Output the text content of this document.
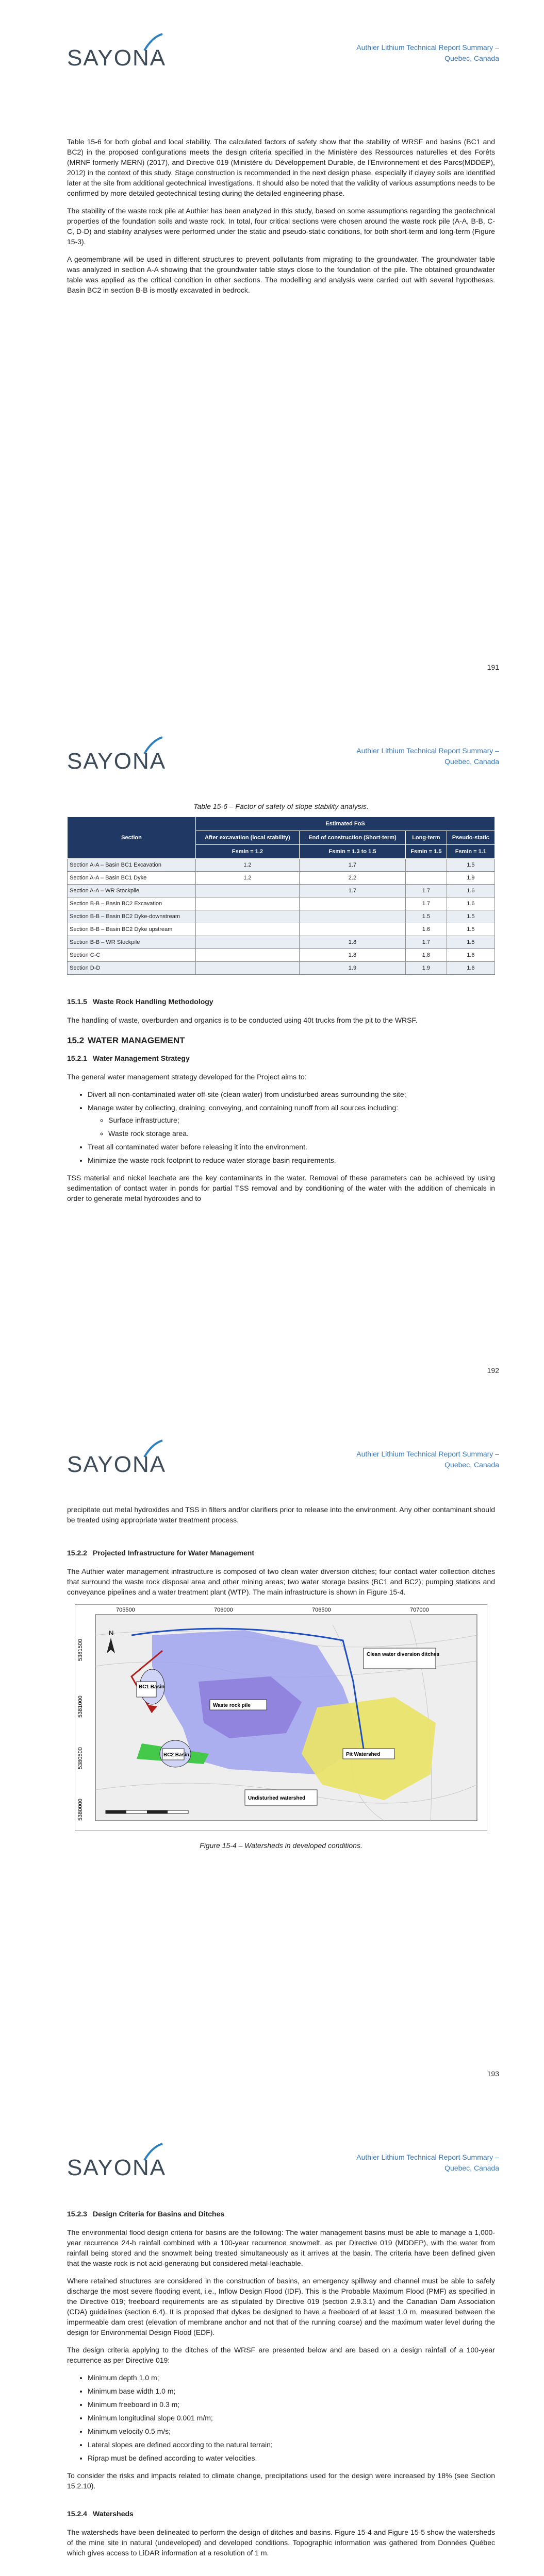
SAYONA	Authier Lithium Technical Report Summary –
Quebec, Canada

Table 15-6 for both global and local stability. The calculated factors of safety show that the stability of WRSF and basins (BC1 and BC2) in the proposed configurations meets the design criteria specified in the Ministère des Ressources naturelles et des Forêts (MRNF formerly MERN) (2017), and Directive 019 (Ministère du Développement Durable, de l'Environnement et des Parcs(MDDEP), 2012) in the context of this study. Stage construction is recommended in the next design phase, especially if clayey soils are identified later at the site from additional geotechnical investigations. It should also be noted that the validity of various assumptions needs to be confirmed by more detailed geotechnical testing during the detailed engineering phase.

The stability of the waste rock pile at Authier has been analyzed in this study, based on some assumptions regarding the geotechnical properties of the foundation soils and waste rock. In total, four critical sections were chosen around the waste rock pile (A-A, B-B, C-C, D-D) and stability analyses were performed under the static and pseudo-static conditions, for both short-term and long-term (Figure 15-3).

A geomembrane will be used in different structures to prevent pollutants from migrating to the groundwater. The groundwater table was analyzed in section A-A showing that the groundwater table stays close to the foundation of the pile. The obtained groundwater table was applied as the critical condition in other sections. The modelling and analysis were carried out with several hypotheses. Basin BC2 in section B-B is mostly excavated in bedrock.

191
SAYONA	Authier Lithium Technical Report Summary –
Quebec, Canada
Table 15-6 – Factor of safety of slope stability analysis.
Section	Estimated FoS			
	After excavation (local stability)	End of construction (Short-term)	Long-term	Pseudo-static
	Fsmin = 1.2	Fsmin = 1.3 to 1.5	Fsmin = 1.5	Fsmin = 1.1
Section A-A – Basin BC1 Excavation	1.2	1.7		1.5
Section A-A – Basin BC1 Dyke	1.2	2.2		1.9
Section A-A – WR Stockpile		1.7	1.7	1.6
Section B-B – Basin BC2 Excavation			1.7	1.6
Section B-B – Basin BC2 Dyke-downstream			1.5	1.5
Section B-B – Basin BC2 Dyke upstream			1.6	1.5
Section B-B – WR Stockpile		1.8	1.7	1.5
Section C-C		1.8	1.8	1.6
Section D-D		1.9	1.9	1.6
15.1.5 Waste Rock Handling Methodology

The handling of waste, overburden and organics is to be conducted using 40t trucks from the pit to the WRSF.

15.2 WATER MANAGEMENT
15.2.1 Water Management Strategy

The general water management strategy developed for the Project aims to:

• Divert all non-contaminated water off-site (clean water) from undisturbed areas surrounding the site;
• Manage water by collecting, draining, conveying, and containing runoff from all sources including:
◦ Surface infrastructure;
◦ Waste rock storage area.
• Treat all contaminated water before releasing it into the environment.
• Minimize the waste rock footprint to reduce water storage basin requirements.

TSS material and nickel leachate are the key contaminants in the water. Removal of these parameters can be achieved by using sedimentation of contact water in ponds for partial TSS removal and by conditioning of the water with the addition of chemicals in order to generate metal hydroxides and to

192
SAYONA	Authier Lithium Technical Report Summary –
Quebec, Canada

precipitate out metal hydroxides and TSS in filters and/or clarifiers prior to release into the environment. Any other contaminant should be treated using appropriate water treatment process.

15.2.2 Projected Infrastructure for Water Management

The Authier water management infrastructure is composed of two clean water diversion ditches; four contact water collection ditches that surround the waste rock disposal area and other mining areas; two water storage basins (BC1 and BC2); pumping stations and conveyance pipelines and a water treatment plant (WTP). The main infrastructure is shown in Figure 15-4.

N
705500	706000	706500	707000
5381500
5381000
5380500
5380000
BC1 Basin
BC2 Basin
Waste rock pile
Clean water diversion ditches
Pit Watershed
Undisturbed watershed
Figure 15-4 – Watersheds in developed conditions.
193
SAYONA	Authier Lithium Technical Report Summary –
Quebec, Canada
15.2.3 Design Criteria for Basins and Ditches

The environmental flood design criteria for basins are the following: The water management basins must be able to manage a 1,000-year recurrence 24-h rainfall combined with a 100-year recurrence snowmelt, as per Directive 019 (MDDEP), with the water from rainfall being stored and the snowmelt being treated simultaneously as it arrives at the basin. The criteria have been defined given that the waste rock is not acid-generating but considered metal-leachable.

Where retained structures are considered in the construction of basins, an emergency spillway and channel must be able to safely discharge the most severe flooding event, i.e., Inflow Design Flood (IDF). This is the Probable Maximum Flood (PMF) as specified in the Directive 019; freeboard requirements are as stipulated by Directive 019 (section 2.9.3.1) and the Canadian Dam Association (CDA) guidelines (section 6.4). It is proposed that dykes be designed to have a freeboard of at least 1.0 m, measured between the impermeable dam crest (elevation of membrane anchor and not that of the running coarse) and the maximum water level during the design for Environmental Design Flood (EDF).

The design criteria applying to the ditches of the WRSF are presented below and are based on a design rainfall of a 100-year recurrence as per Directive 019:

• Minimum depth 1.0 m;
• Minimum base width 1.0 m;
• Minimum freeboard in 0.3 m;
• Minimum longitudinal slope 0.001 m/m;
• Minimum velocity 0.5 m/s;
• Lateral slopes are defined according to the natural terrain;
• Riprap must be defined according to water velocities.

To consider the risks and impacts related to climate change, precipitations used for the design were increased by 18% (see Section 15.2.10).

15.2.4 Watersheds

The watersheds have been delineated to perform the design of ditches and basins. Figure 15-4 and Figure 15-5 show the watersheds of the mine site in natural (undeveloped) and developed conditions. Topographic information was gathered from Données Québec which gives access to LiDAR information at a resolution of 1 m.
